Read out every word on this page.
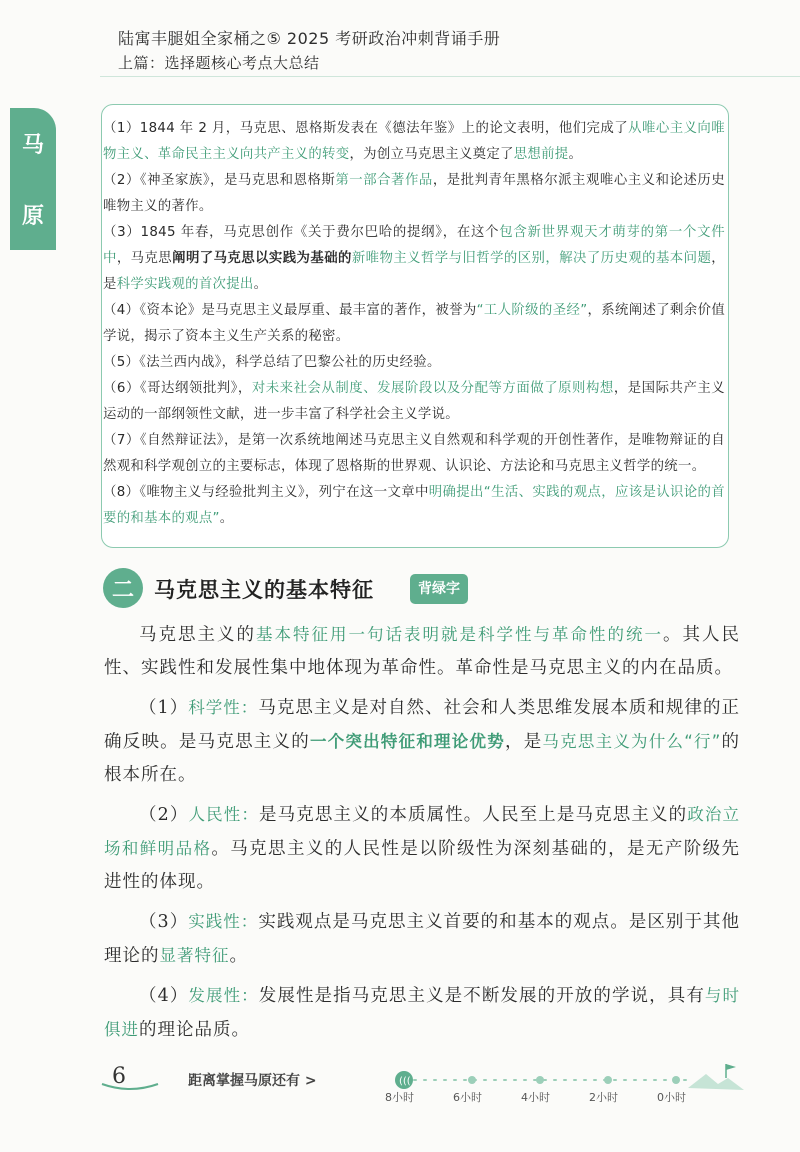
陆寓丰腿姐全家桶之⑤ 2025 考研政治冲刺背诵手册
上篇：选择题核心考点大总结
马
原

（1）1844 年 2 月，马克思、恩格斯发表在《德法年鉴》上的论文表明，他们完成了从唯心主义向唯物主义、革命民主主义向共产主义的转变，为创立马克思主义奠定了思想前提。

（2）《神圣家族》，是马克思和恩格斯第一部合著作品，是批判青年黑格尔派主观唯心主义和论述历史唯物主义的著作。

（3）1845 年春，马克思创作《关于费尔巴哈的提纲》，在这个包含新世界观天才萌芽的第一个文件中，马克思阐明了马克思以实践为基础的新唯物主义哲学与旧哲学的区别，解决了历史观的基本问题，是科学实践观的首次提出。

（4）《资本论》是马克思主义最厚重、最丰富的著作，被誉为“工人阶级的圣经”，系统阐述了剩余价值学说，揭示了资本主义生产关系的秘密。

（5）《法兰西内战》，科学总结了巴黎公社的历史经验。

（6）《哥达纲领批判》，对未来社会从制度、发展阶段以及分配等方面做了原则构想，是国际共产主义运动的一部纲领性文献，进一步丰富了科学社会主义学说。

（7）《自然辩证法》，是第一次系统地阐述马克思主义自然观和科学观的开创性著作，是唯物辩证的自然观和科学观创立的主要标志，体现了恩格斯的世界观、认识论、方法论和马克思主义哲学的统一。

（8）《唯物主义与经验批判主义》，列宁在这一文章中明确提出“生活、实践的观点，应该是认识论的首要的和基本的观点”。

二 马克思主义的基本特征	背绿字

马克思主义的基本特征用一句话表明就是科学性与革命性的统一。其人民性、实践性和发展性集中地体现为革命性。革命性是马克思主义的内在品质。

（1）科学性：马克思主义是对自然、社会和人类思维发展本质和规律的正确反映。是马克思主义的一个突出特征和理论优势，是马克思主义为什么“行”的根本所在。

（2）人民性：是马克思主义的本质属性。人民至上是马克思主义的政治立场和鲜明品格。马克思主义的人民性是以阶级性为深刻基础的，是无产阶级先进性的体现。

（3）实践性：实践观点是马克思主义首要的和基本的观点。是区别于其他理论的显著特征。

（4）发展性：发展性是指马克思主义是不断发展的开放的学说，具有与时俱进的理论品质。

6	距离掌握马原还有 >	(((
8小时	6小时	4小时	2小时	0小时
